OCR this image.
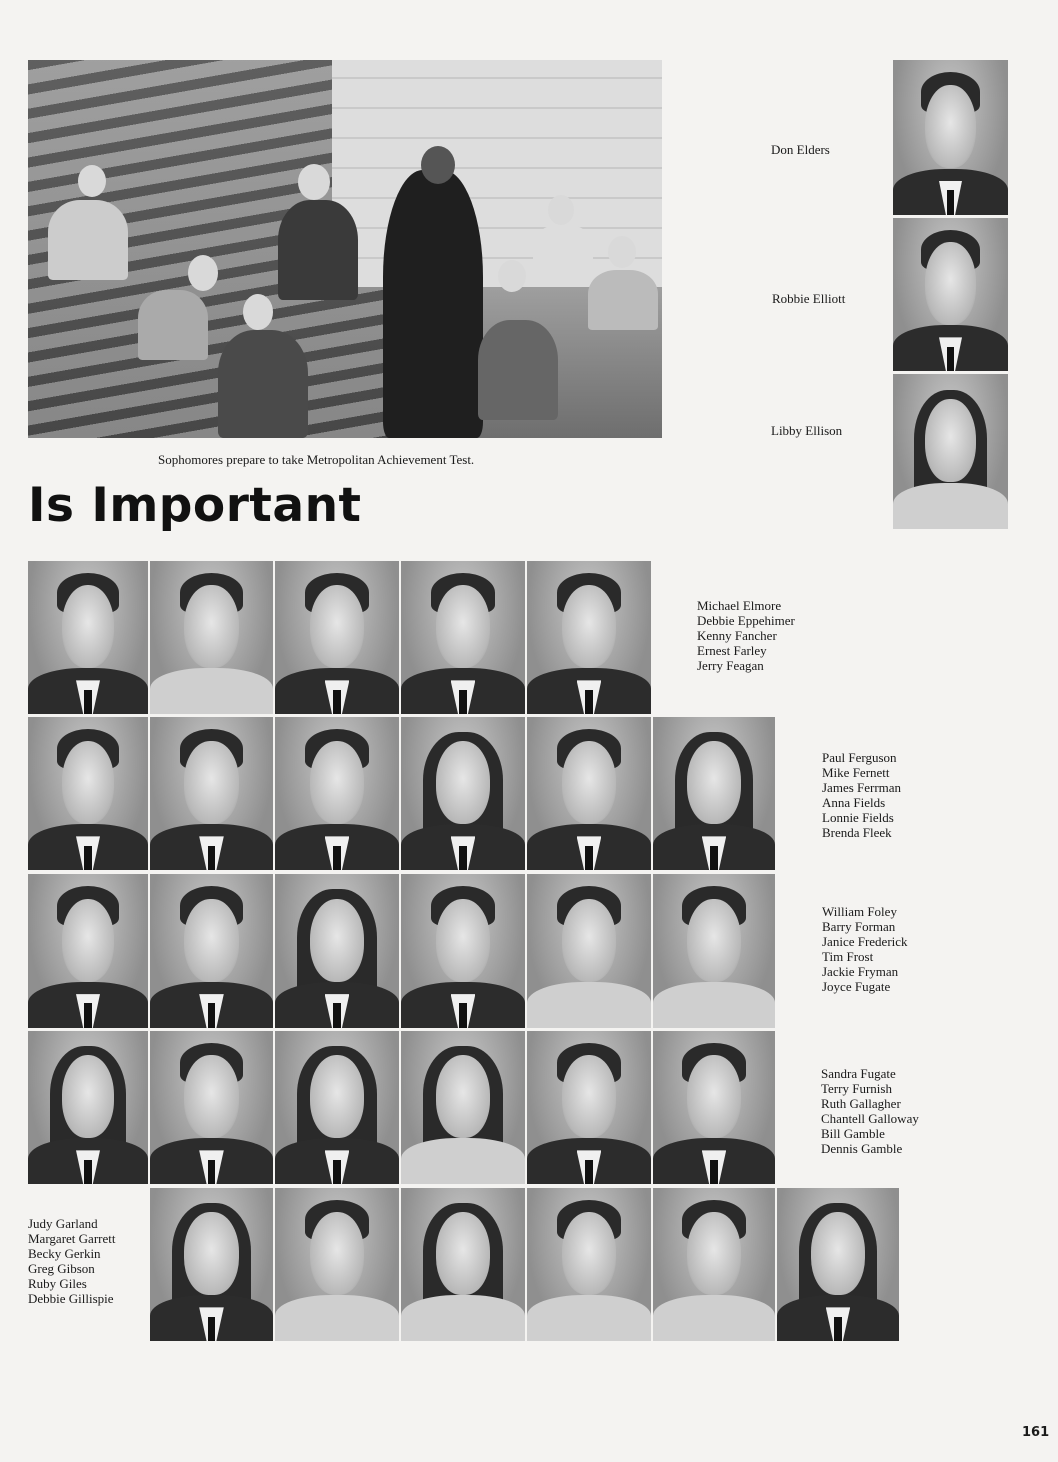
Sophomores prepare to take Metropolitan Achievement Test.
Don Elders
Robbie Elliott
Libby Ellison
Is Important
Michael Elmore
Debbie Eppehimer
Kenny Fancher
Ernest Farley
Jerry Feagan
Paul Ferguson
Mike Fernett
James Ferrman
Anna Fields
Lonnie Fields
Brenda Fleek
William Foley
Barry Forman
Janice Frederick
Tim Frost
Jackie Fryman
Joyce Fugate
Sandra Fugate
Terry Furnish
Ruth Gallagher
Chantell Galloway
Bill Gamble
Dennis Gamble
Judy Garland
Margaret Garrett
Becky Gerkin
Greg Gibson
Ruby Giles
Debbie Gillispie
161
